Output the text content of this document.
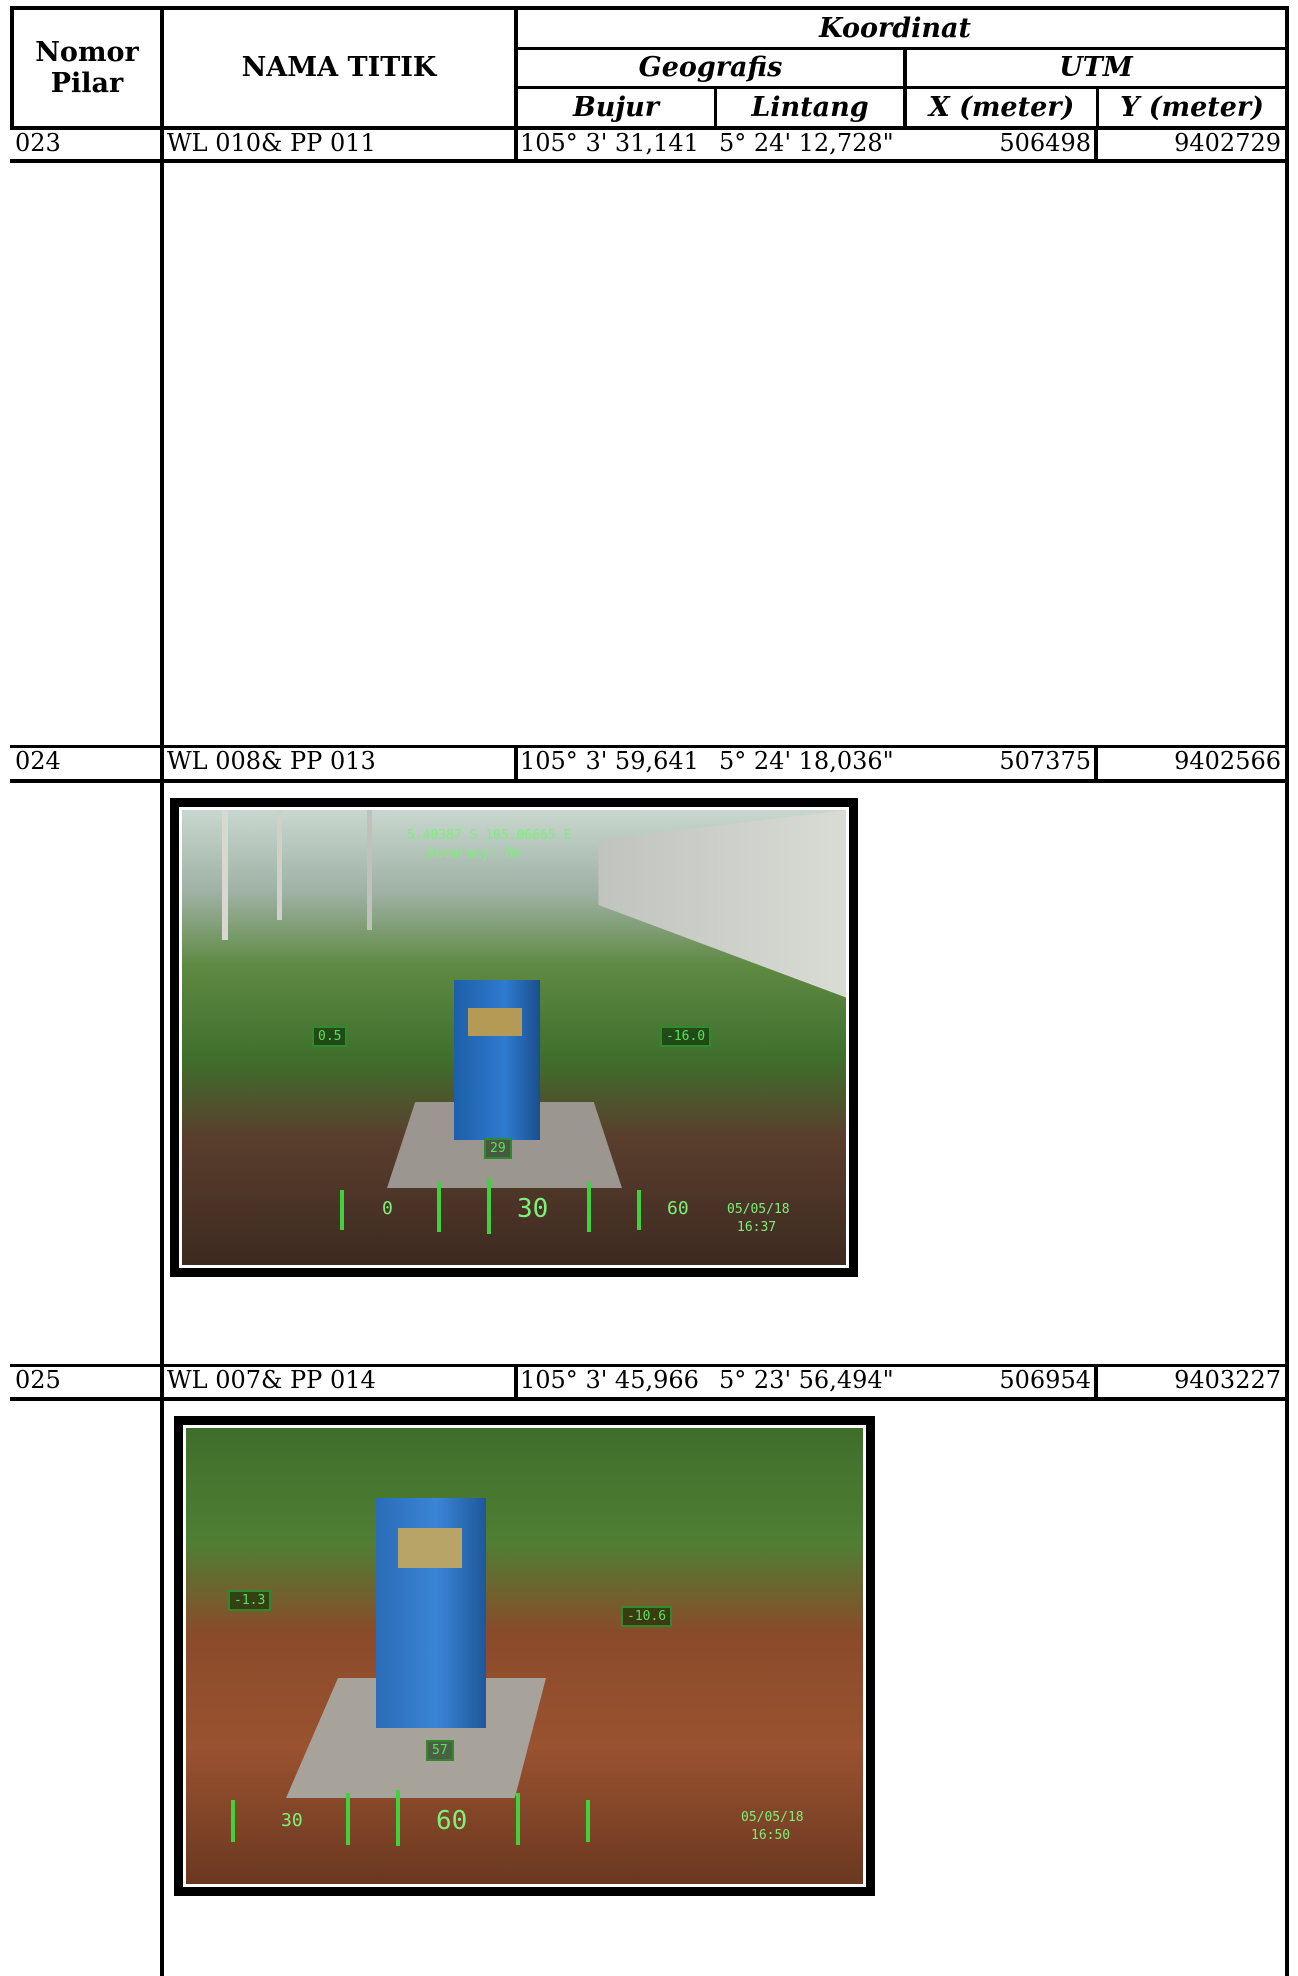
Nomor Pilar
NAMA TITIK
Koordinat
Geografis	UTM
Bujur	Lintang	X (meter)	Y (meter)
023	WL 010& PP 011	105° 3' 31,141 5° 24' 12,728"	506498	9402729
024	WL 008& PP 013	105° 3' 59,641 5° 24' 18,036"	507375	9402566
5.40387 S 105.06665 E
Accuracy: 8m
0.5	-16.0
29
0	30	60	05/05/18
16:37
025	WL 007& PP 014	105° 3' 45,966 5° 23' 56,494"	506954	9403227
-1.3
-10.6
57
30	60	05/05/18
16:50
